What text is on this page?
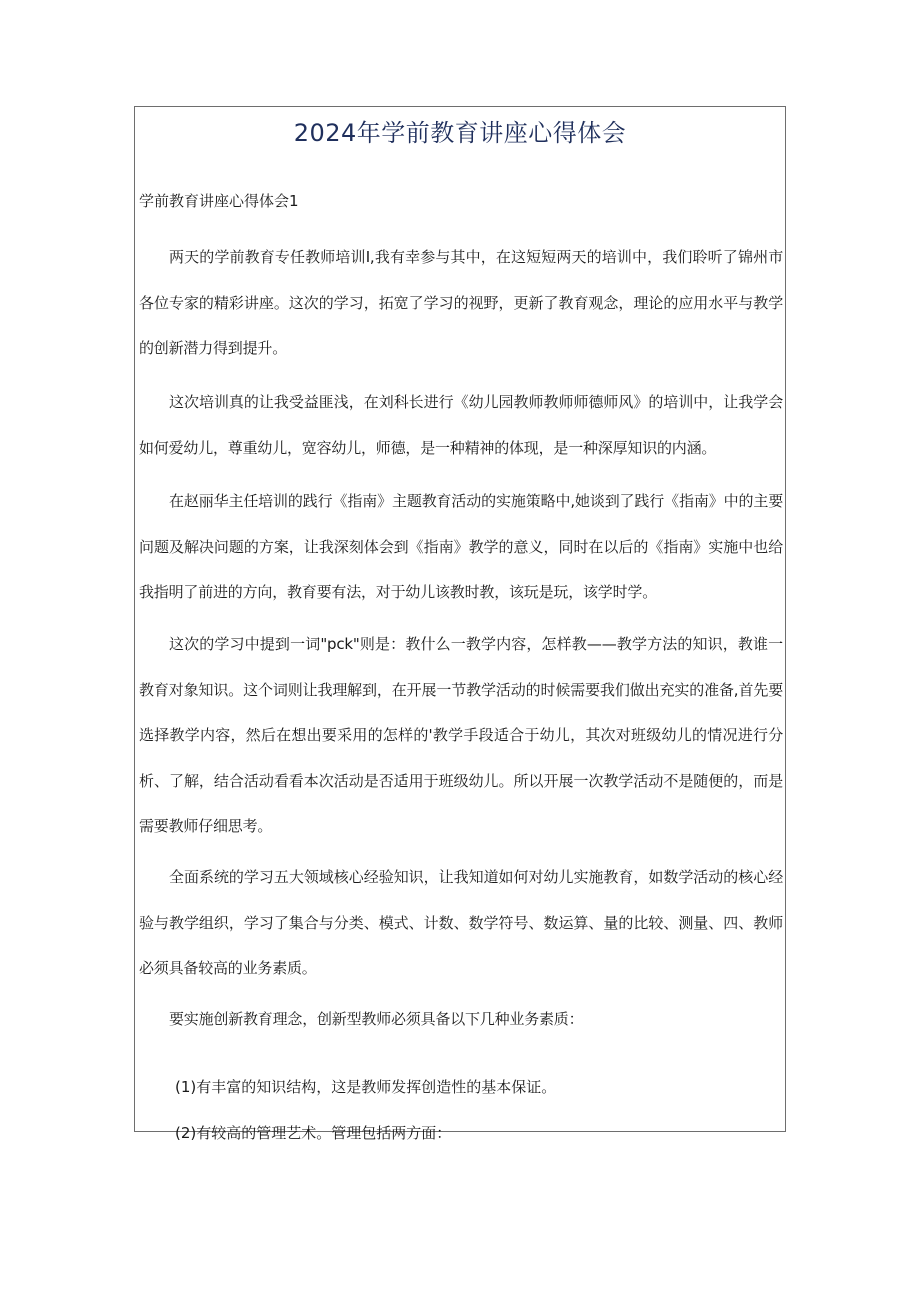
2024年学前教育讲座心得体会
学前教育讲座心得体会1

两天的学前教育专任教师培训I,我有幸参与其中，在这短短两天的培训中，我们聆听了锦州市各位专家的精彩讲座。这次的学习，拓宽了学习的视野，更新了教育观念，理论的应用水平与教学的创新潜力得到提升。

这次培训真的让我受益匪浅，在刘科长进行《幼儿园教师教师师德师风》的培训中，让我学会如何爱幼儿，尊重幼儿，宽容幼儿，师德，是一种精神的体现，是一种深厚知识的内涵。

在赵丽华主任培训的践行《指南》主题教育活动的实施策略中,她谈到了践行《指南》中的主要问题及解决问题的方案，让我深刻体会到《指南》教学的意义，同时在以后的《指南》实施中也给我指明了前进的方向，教育要有法，对于幼儿该教时教，该玩是玩，该学时学。

这次的学习中提到一词"pck"则是：教什么一教学内容，怎样教——教学方法的知识，教谁一教育对象知识。这个词则让我理解到，在开展一节教学活动的时候需要我们做出充实的准备,首先要选择教学内容，然后在想出要采用的怎样的'教学手段适合于幼儿，其次对班级幼儿的情况进行分析、了解，结合活动看看本次活动是否适用于班级幼儿。所以开展一次教学活动不是随便的，而是需要教师仔细思考。

全面系统的学习五大领域核心经验知识，让我知道如何对幼儿实施教育，如数学活动的核心经验与教学组织，学习了集合与分类、模式、计数、数学符号、数运算、量的比较、测量、四、教师必须具备较高的业务素质。

要实施创新教育理念，创新型教师必须具备以下几种业务素质：

(1)有丰富的知识结构，这是教师发挥创造性的基本保证。

(2)有较高的管理艺术。管理包括两方面：
